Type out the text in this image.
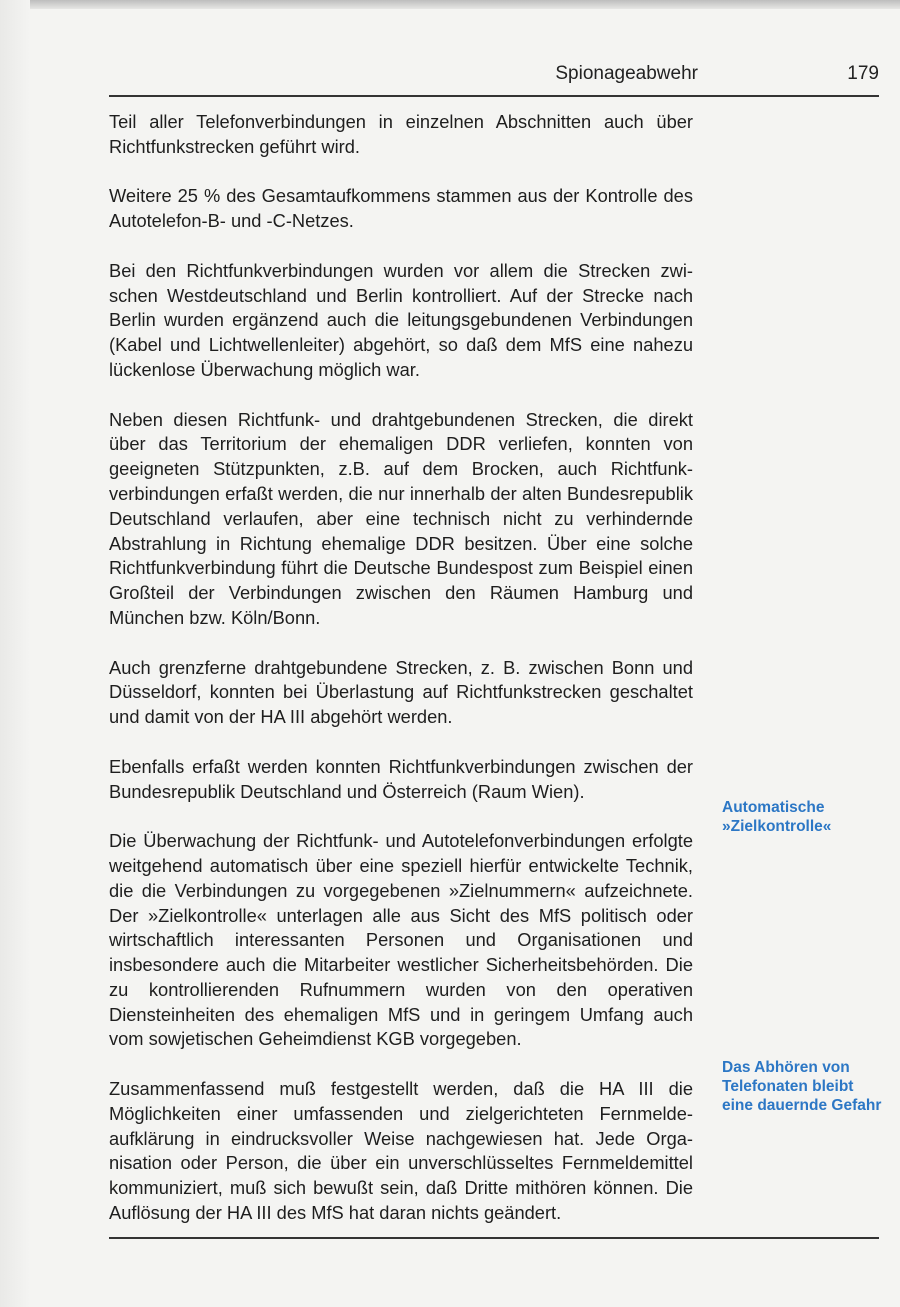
Spionageabwehr	179

Teil aller Telefonverbindungen in einzelnen Abschnitten auch über Richtfunkstrecken geführt wird.

Weitere 25 % des Gesamtaufkommens stammen aus der Kontrolle des Autotelefon-B- und -C-Netzes.

Bei den Richtfunkverbindungen wurden vor allem die Strecken zwischen Westdeutschland und Berlin kontrolliert. Auf der Strecke nach Berlin wurden ergänzend auch die leitungsgebundenen Verbindungen (Kabel und Lichtwellenleiter) abgehört, so daß dem MfS eine nahezu lückenlose Überwachung möglich war.

Neben diesen Richtfunk- und drahtgebundenen Strecken, die direkt über das Territorium der ehemaligen DDR verliefen, konnten von geeigneten Stützpunkten, z.B. auf dem Brocken, auch Richtfunkverbindungen erfaßt werden, die nur innerhalb der alten Bundesrepublik Deutschland verlaufen, aber eine technisch nicht zu verhindernde Abstrahlung in Richtung ehemalige DDR besitzen. Über eine solche Richtfunkverbindung führt die Deutsche Bundespost zum Beispiel einen Großteil der Verbindungen zwischen den Räumen Hamburg und München bzw. Köln/Bonn.

Auch grenzferne drahtgebundene Strecken, z. B. zwischen Bonn und Düsseldorf, konnten bei Überlastung auf Richtfunkstrecken geschaltet und damit von der HA III abgehört werden.

Ebenfalls erfaßt werden konnten Richtfunkverbindungen zwischen der Bundesrepublik Deutschland und Österreich (Raum Wien).

Die Überwachung der Richtfunk- und Autotelefonverbindungen erfolgte weitgehend automatisch über eine speziell hierfür entwickelte Technik, die die Verbindungen zu vorgegebenen »Zielnummern« aufzeichnete. Der »Zielkontrolle« unterlagen alle aus Sicht des MfS politisch oder wirtschaftlich interessanten Personen und Organisationen und insbesondere auch die Mitarbeiter westlicher Sicherheitsbehörden. Die zu kontrollierenden Rufnummern wurden von den operativen Diensteinheiten des ehemaligen MfS und in geringem Umfang auch vom sowjetischen Geheimdienst KGB vorgegeben.

Zusammenfassend muß festgestellt werden, daß die HA III die Möglichkeiten einer umfassenden und zielgerichteten Fernmeldeaufklärung in eindrucksvoller Weise nachgewiesen hat. Jede Organisation oder Person, die über ein unverschlüsseltes Fernmeldemittel kommuniziert, muß sich bewußt sein, daß Dritte mithören können. Die Auflösung der HA III des MfS hat daran nichts geändert.

Automatische »Zielkontrolle«
Das Abhören von Telefonaten bleibt eine dauernde Gefahr
